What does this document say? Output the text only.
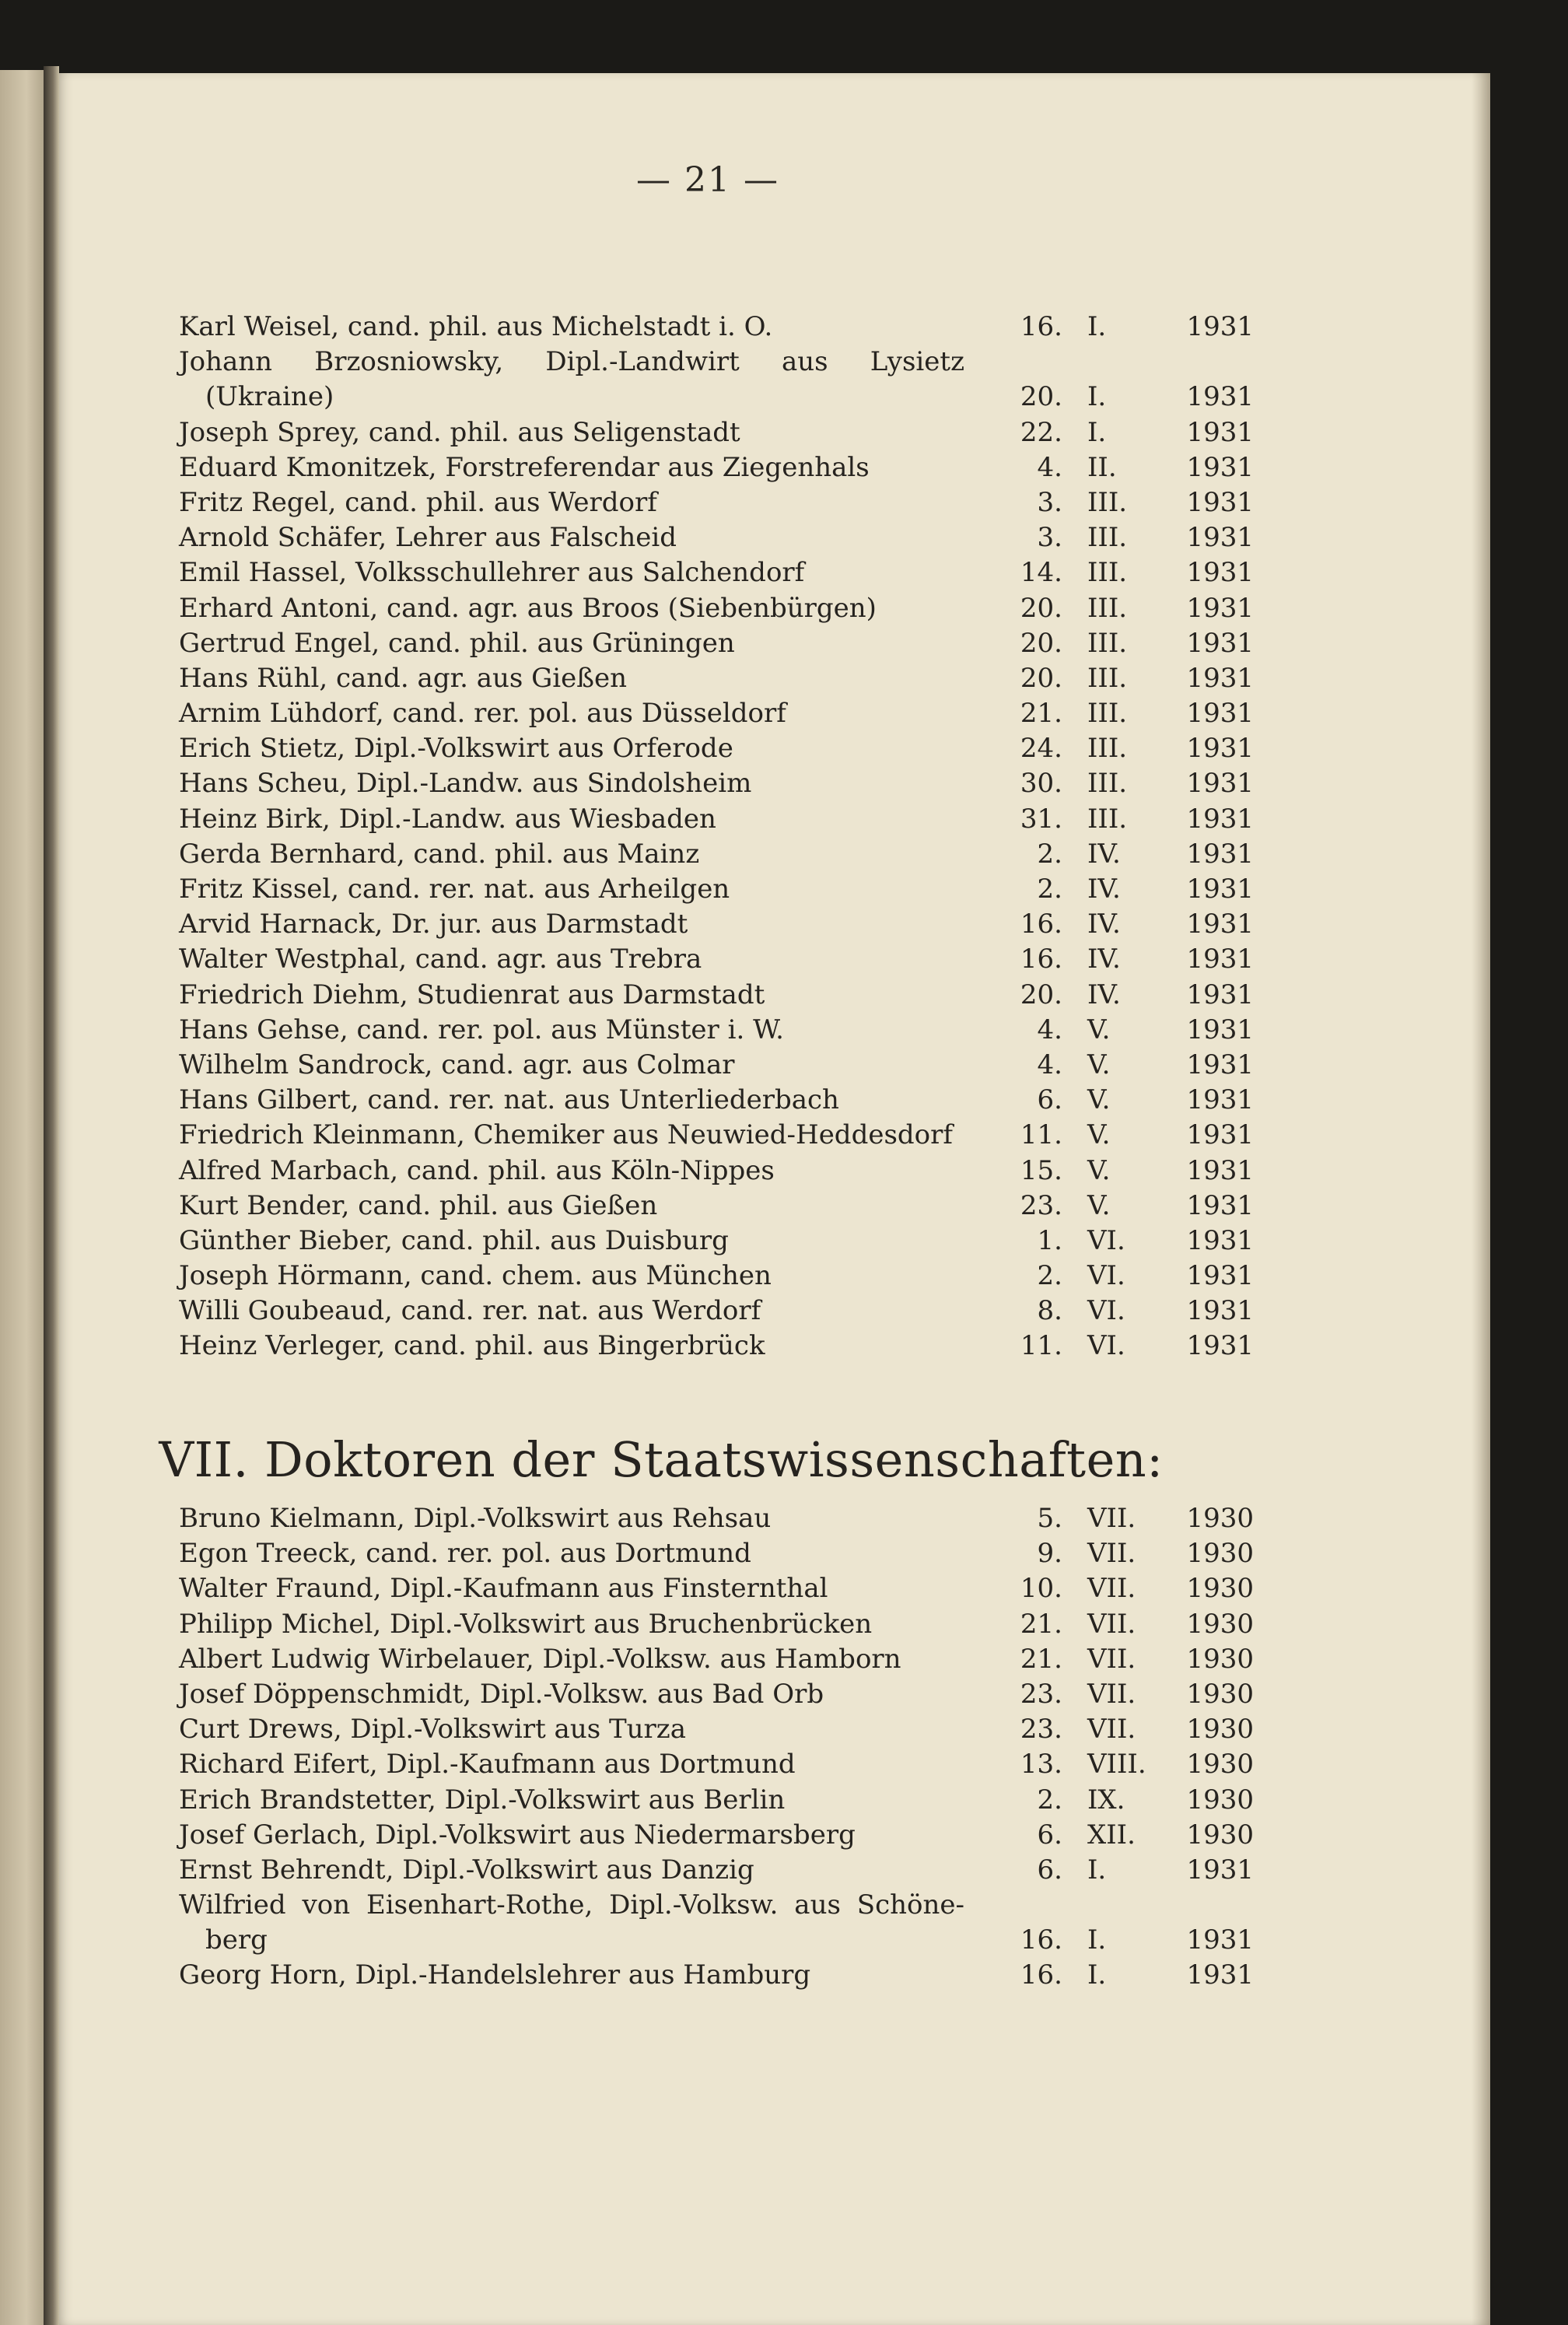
— 21 —
Karl Weisel, cand. phil. aus Michelstadt i. O.	16. I.	1931
Johann Brzosniowsky, Dipl.-Landwirt aus Lysietz
(Ukraine)	20. I.	1931
Joseph Sprey, cand. phil. aus Seligenstadt	22. I.	1931
Eduard Kmonitzek, Forstreferendar aus Ziegenhals	4. II.	1931
Fritz Regel, cand. phil. aus Werdorf	3. III. 1931
Arnold Schäfer, Lehrer aus Falscheid	3. III. 1931
Emil Hassel, Volksschullehrer aus Salchendorf	14. III. 1931
Erhard Antoni, cand. agr. aus Broos (Siebenbürgen)	20. III. 1931
Gertrud Engel, cand. phil. aus Grüningen	20. III. 1931
Hans Rühl, cand. agr. aus Gießen	20. III. 1931
Arnim Lühdorf, cand. rer. pol. aus Düsseldorf	21. III. 1931
Erich Stietz, Dipl.-Volkswirt aus Orferode	24. III. 1931
Hans Scheu, Dipl.-Landw. aus Sindolsheim	30. III. 1931
Heinz Birk, Dipl.-Landw. aus Wiesbaden	31. III. 1931
Gerda Bernhard, cand. phil. aus Mainz	2. IV. 1931
Fritz Kissel, cand. rer. nat. aus Arheilgen	2. IV. 1931
Arvid Harnack, Dr. jur. aus Darmstadt	16. IV. 1931
Walter Westphal, cand. agr. aus Trebra	16. IV. 1931
Friedrich Diehm, Studienrat aus Darmstadt	20. IV. 1931
Hans Gehse, cand. rer. pol. aus Münster i. W.	4. V.	1931
Wilhelm Sandrock, cand. agr. aus Colmar	4. V.	1931
Hans Gilbert, cand. rer. nat. aus Unterliederbach	6. V.	1931
Friedrich Kleinmann, Chemiker aus Neuwied-Heddesdorf	11. V.	1931
Alfred Marbach, cand. phil. aus Köln-Nippes	15. V.	1931
Kurt Bender, cand. phil. aus Gießen	23. V.	1931
Günther Bieber, cand. phil. aus Duisburg	1. VI. 1931
Joseph Hörmann, cand. chem. aus München	2. VI. 1931
Willi Goubeaud, cand. rer. nat. aus Werdorf	8. VI. 1931
Heinz Verleger, cand. phil. aus Bingerbrück	11. VI. 1931
VII. Doktoren der Staatswissenschaften:
Bruno Kielmann, Dipl.-Volkswirt aus Rehsau	5. VII. 1930
Egon Treeck, cand. rer. pol. aus Dortmund	9. VII. 1930
Walter Fraund, Dipl.-Kaufmann aus Finsternthal	10. VII. 1930
Philipp Michel, Dipl.-Volkswirt aus Bruchenbrücken	21. VII. 1930
Albert Ludwig Wirbelauer, Dipl.-Volksw. aus Hamborn	21. VII. 1930
Josef Döppenschmidt, Dipl.-Volksw. aus Bad Orb	23. VII. 1930
Curt Drews, Dipl.-Volkswirt aus Turza	23. VII. 1930
Richard Eifert, Dipl.-Kaufmann aus Dortmund	13. VIII. 1930
Erich Brandstetter, Dipl.-Volkswirt aus Berlin	2. IX. 1930
Josef Gerlach, Dipl.-Volkswirt aus Niedermarsberg	6. XII. 1930
Ernst Behrendt, Dipl.-Volkswirt aus Danzig	6. I.	1931
Wilfried von Eisenhart-Rothe, Dipl.-Volksw. aus Schöne-
berg	16. I.	1931
Georg Horn, Dipl.-Handelslehrer aus Hamburg	16. I.	1931
